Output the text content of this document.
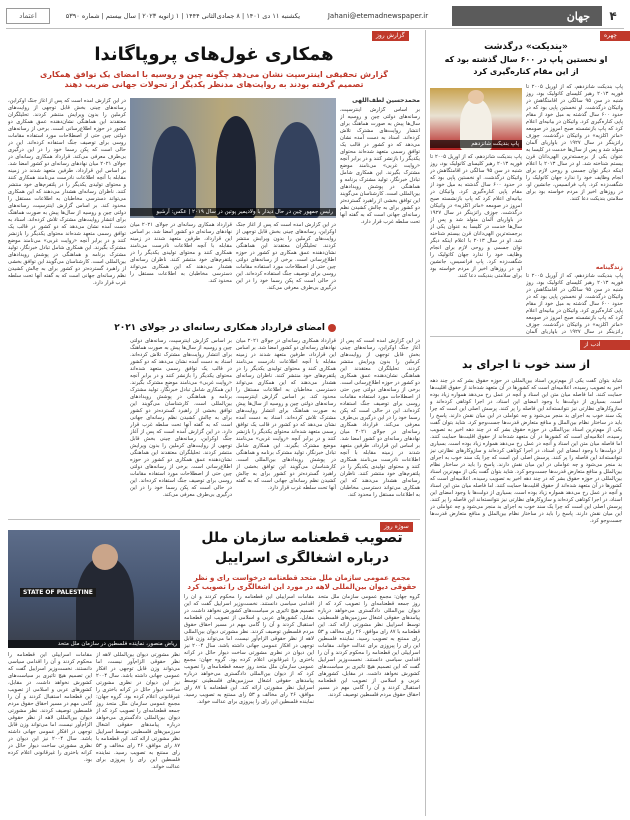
اعتماد	یکشنبه ۱۱ دی ۱۴۰۱ | ۸ جمادی‌الثانی ۱۴۴۴ | ۱ ژانویه ۲۰۲۳ | سال بیستم | شماره ۵۳۹۰	Jahani@etemadnewspaper.ir	جهان	۴
چهره روز
«بِندیکت» درگذشت
او نخستین پاپ در ۶۰۰ سال گذشته بود که
از این مقام کناره‌گیری کرد
پاپ بندیکت شانزدهم، که از آوریل ۲۰۰۵ تا فوریه ۲۰۱۳ رهبر کلیسای کاتولیک بود، روز شنبه در سن ۹۵ سالگی در اقامتگاهش در واتیکان درگذشت. او نخستین پاپی بود که در حدود ۶۰۰ سال گذشته به میل خود از مقام پاپی کناره‌گیری کرد. واتیکان در بیانیه‌ای اعلام کرد که پاپ بازنشسته صبح امروز در صومعه «ماتر اکلزیه» در واتیکان درگذشت. جوزف راتزینگر در سال ۱۹۲۷ در باواریای آلمان متولد شد و پس از سال‌ها خدمت در کلیسا به عنوان یکی از برجسته‌ترین الهی‌دانان قرن بیستم شناخته شد. او در سال ۲۰۱۳ با اعلام اینکه دیگر توان جسمی و روحی لازم برای انجام وظایف خود را ندارد جهان کاتولیک را شگفت‌زده کرد. پاپ فرانسیس، جانشین او، در روزهای اخیر از مردم خواسته بود برای سلامتی بندیکت دعا کنند.
پاپ بندیکت شانزدهم
پاپ بندیکت شانزدهم، که از آوریل ۲۰۰۵ تا فوریه ۲۰۱۳ رهبر کلیسای کاتولیک بود، روز شنبه در سن ۹۵ سالگی در اقامتگاهش در واتیکان درگذشت. او نخستین پاپی بود که در حدود ۶۰۰ سال گذشته به میل خود از مقام پاپی کناره‌گیری کرد. واتیکان در بیانیه‌ای اعلام کرد که پاپ بازنشسته صبح امروز در صومعه «ماتر اکلزیه» در واتیکان درگذشت. جوزف راتزینگر در سال ۱۹۲۷ در باواریای آلمان متولد شد و پس از سال‌ها خدمت در کلیسا به عنوان یکی از برجسته‌ترین الهی‌دانان قرن بیستم شناخته شد. او در سال ۲۰۱۳ با اعلام اینکه دیگر توان جسمی و روحی لازم برای انجام وظایف خود را ندارد جهان کاتولیک را شگفت‌زده کرد. پاپ فرانسیس، جانشین او، در روزهای اخیر از مردم خواسته بود برای سلامتی بندیکت دعا کنند.
زندگینامه
پاپ بندیکت شانزدهم، که از آوریل ۲۰۰۵ تا فوریه ۲۰۱۳ رهبر کلیسای کاتولیک بود، روز شنبه در سن ۹۵ سالگی در اقامتگاهش در واتیکان درگذشت. او نخستین پاپی بود که در حدود ۶۰۰ سال گذشته به میل خود از مقام پاپی کناره‌گیری کرد. واتیکان در بیانیه‌ای اعلام کرد که پاپ بازنشسته صبح امروز در صومعه «ماتر اکلزیه» در واتیکان درگذشت. جوزف راتزینگر در سال ۱۹۲۷ در باواریای آلمان
ادب از مسلمانان
از سند خوب تا اجرای بد
شاید بتوان گفت یکی از مهم‌ترین اسناد بین‌المللی در حوزه حقوق بشر که در چند دهه اخیر به تصویب رسیده، اعلامیه‌ای است که کشورها در آن متعهد شده‌اند از حقوق اقلیت‌ها حمایت کنند. اما فاصله میان متن این اسناد و آنچه در عمل رخ می‌دهد همواره زیاد بوده است. بسیاری از دولت‌ها با وجود امضای این اسناد، در اجرا کوتاهی کرده‌اند و سازوکارهای نظارتی نیز نتوانسته‌اند این فاصله را پر کنند. پرسش اصلی این است که چرا یک سند خوب به اجرای بد منجر می‌شود و چه عواملی در این میان نقش دارند. پاسخ را باید در ساختار نظام بین‌الملل و منافع متعارض قدرت‌ها جست‌وجو کرد. شاید بتوان گفت یکی از مهم‌ترین اسناد بین‌المللی در حوزه حقوق بشر که در چند دهه اخیر به تصویب رسیده، اعلامیه‌ای است که کشورها در آن متعهد شده‌اند از حقوق اقلیت‌ها حمایت کنند. اما فاصله میان متن این اسناد و آنچه در عمل رخ می‌دهد همواره زیاد بوده است. بسیاری از دولت‌ها با وجود امضای این اسناد، در اجرا کوتاهی کرده‌اند و سازوکارهای نظارتی نیز نتوانسته‌اند این فاصله را پر کنند. پرسش اصلی این است که چرا یک سند خوب به اجرای بد منجر می‌شود و چه عواملی در این میان نقش دارند. پاسخ را باید در ساختار نظام بین‌الملل و منافع متعارض قدرت‌ها جست‌وجو کرد. شاید بتوان گفت یکی از مهم‌ترین اسناد بین‌المللی در حوزه حقوق بشر که در چند دهه اخیر به تصویب رسیده، اعلامیه‌ای است که کشورها در آن متعهد شده‌اند از حقوق اقلیت‌ها حمایت کنند. اما فاصله میان متن این اسناد و آنچه در عمل رخ می‌دهد همواره زیاد بوده است. بسیاری از دولت‌ها با وجود امضای این اسناد، در اجرا کوتاهی کرده‌اند و سازوکارهای نظارتی نیز نتوانسته‌اند این فاصله را پر کنند. پرسش اصلی این است که چرا یک سند خوب به اجرای بد منجر می‌شود و چه عواملی در این میان نقش دارند. پاسخ را باید در ساختار نظام بین‌الملل و منافع متعارض قدرت‌ها جست‌وجو کرد.
گزارش روز
همکاری غول‌های پروپاگاندا
گزارش تحقیقی اینترسپت نشان می‌دهد چگونه چین و روسیه با امضای یک توافق همکاری
تصمیم گرفته بودند به روایت‌های مدنظر یکدیگر از تحولات جهانی ضریب دهند
محمدحسین لطف‌اللهی
بر اساس گزارش اینترسپت، رسانه‌های دولتی چین و روسیه از سال‌ها پیش به صورت هماهنگ برای انتشار روایت‌های مشترک تلاش کرده‌اند. اسناد به دست آمده نشان می‌دهد که دو کشور در قالب یک توافق رسمی متعهد شده‌اند محتوای یکدیگر را بازنشر کنند و در برابر آنچه «روایت غربی» می‌نامند موضع مشترک بگیرند. این همکاری شامل تبادل خبرنگار، تولید مشترک برنامه و هماهنگی در پوشش رویدادهای بین‌المللی است. کارشناسان می‌گویند این توافق بخشی از راهبرد گسترده‌تر دو کشور برای به چالش کشیدن نظم رسانه‌ای جهانی است که به گفته آنها تحت سلطه غرب قرار دارد.
رئیس جمهور چین در حال دیدار با ولادیمیر پوتین در سال ۲۰۱۹ | عکس: آرشیو
در این گزارش آمده است که پس از آغاز جنگ اوکراین، رسانه‌های چینی بخش قابل توجهی از روایت‌های کرملین را بدون ویرایش منتشر کردند. تحلیلگران معتقدند این هماهنگی نشان‌دهنده عمق همکاری دو کشور در حوزه اطلاع‌رسانی است. برخی از رسانه‌های دولتی چین حتی از اصطلاحات مورد استفاده مقامات روسی برای توصیف جنگ استفاده کرده‌اند. این در حالی است که پکن رسما خود را در این درگیری بی‌طرف معرفی می‌کند. قرارداد همکاری رسانه‌ای در جولای ۲۰۲۱ میان نهادهای رسانه‌ای دو کشور امضا شد. بر اساس این قرارداد، طرفین متعهد شدند در زمینه مقابله با آنچه اطلاعات نادرست می‌نامند همکاری کنند و محتوای تولیدی یکدیگر را در پلتفرم‌های خود منتشر کنند. ناظران رسانه‌ای هشدار می‌دهند که این همکاری می‌تواند دسترسی مخاطبان به اطلاعات مستقل را محدود کند. بر اساس گزارش اینترسپت، رسانه‌های دولتی چین و روسیه از سال‌ها پیش به صورت هماهنگ برای انتشار روایت‌های مشترک تلاش کرده‌اند. اسناد به دست آمده نشان می‌دهد که دو کشور در قالب یک توافق رسمی متعهد شده‌اند محتوای یکدیگر را بازنشر کنند و در برابر آنچه «روایت غربی» می‌نامند موضع مشترک بگیرند. این همکاری شامل تبادل خبرنگار، تولید مشترک برنامه و هماهنگی در پوشش رویدادهای بین‌المللی است. کارشناسان می‌گویند این توافق بخشی از راهبرد گسترده‌تر دو کشور برای به چالش کشیدن نظم رسانه‌ای جهانی است که به گفته آنها تحت سلطه غرب قرار دارد.
در این گزارش آمده است که پس از آغاز جنگ اوکراین، رسانه‌های چینی بخش قابل توجهی از روایت‌های کرملین را بدون ویرایش منتشر کردند. تحلیلگران معتقدند این هماهنگی نشان‌دهنده عمق همکاری دو کشور در حوزه اطلاع‌رسانی است. برخی از رسانه‌های دولتی چین حتی از اصطلاحات مورد استفاده مقامات روسی برای توصیف جنگ استفاده کرده‌اند. این در حالی است که پکن رسما خود را در این درگیری بی‌طرف معرفی می‌کند.
قرارداد همکاری رسانه‌ای در جولای ۲۰۲۱ میان نهادهای رسانه‌ای دو کشور امضا شد. بر اساس این قرارداد، طرفین متعهد شدند در زمینه مقابله با آنچه اطلاعات نادرست می‌نامند همکاری کنند و محتوای تولیدی یکدیگر را در پلتفرم‌های خود منتشر کنند. ناظران رسانه‌ای هشدار می‌دهند که این همکاری می‌تواند دسترسی مخاطبان به اطلاعات مستقل را محدود کند.
امضای قرارداد همکاری رسانه‌ای در جولای ۲۰۲۱
قرارداد همکاری رسانه‌ای در جولای ۲۰۲۱ میان نهادهای رسانه‌ای دو کشور امضا شد. بر اساس این قرارداد، طرفین متعهد شدند در زمینه مقابله با آنچه اطلاعات نادرست می‌نامند همکاری کنند و محتوای تولیدی یکدیگر را در پلتفرم‌های خود منتشر کنند. ناظران رسانه‌ای هشدار می‌دهند که این همکاری می‌تواند دسترسی مخاطبان به اطلاعات مستقل را محدود کند. بر اساس گزارش اینترسپت، رسانه‌های دولتی چین و روسیه از سال‌ها پیش به صورت هماهنگ برای انتشار روایت‌های مشترک تلاش کرده‌اند. اسناد به دست آمده نشان می‌دهد که دو کشور در قالب یک توافق رسمی متعهد شده‌اند محتوای یکدیگر را بازنشر کنند و در برابر آنچه «روایت غربی» می‌نامند موضع مشترک بگیرند. این همکاری شامل تبادل خبرنگار، تولید مشترک برنامه و هماهنگی در پوشش رویدادهای بین‌المللی است. کارشناسان می‌گویند این توافق بخشی از راهبرد گسترده‌تر دو کشور برای به چالش کشیدن نظم رسانه‌ای جهانی است که به گفته آنها تحت سلطه غرب قرار دارد.
بر اساس گزارش اینترسپت، رسانه‌های دولتی چین و روسیه از سال‌ها پیش به صورت هماهنگ برای انتشار روایت‌های مشترک تلاش کرده‌اند. اسناد به دست آمده نشان می‌دهد که دو کشور در قالب یک توافق رسمی متعهد شده‌اند محتوای یکدیگر را بازنشر کنند و در برابر آنچه «روایت غربی» می‌نامند موضع مشترک بگیرند. این همکاری شامل تبادل خبرنگار، تولید مشترک برنامه و هماهنگی در پوشش رویدادهای بین‌المللی است. کارشناسان می‌گویند این توافق بخشی از راهبرد گسترده‌تر دو کشور برای به چالش کشیدن نظم رسانه‌ای جهانی است که به گفته آنها تحت سلطه غرب قرار دارد. در این گزارش آمده است که پس از آغاز جنگ اوکراین، رسانه‌های چینی بخش قابل توجهی از روایت‌های کرملین را بدون ویرایش منتشر کردند. تحلیلگران معتقدند این هماهنگی نشان‌دهنده عمق همکاری دو کشور در حوزه اطلاع‌رسانی است. برخی از رسانه‌های دولتی چین حتی از اصطلاحات مورد استفاده مقامات روسی برای توصیف جنگ استفاده کرده‌اند. این در حالی است که پکن رسما خود را در این درگیری بی‌طرف معرفی می‌کند.
در این گزارش آمده است که پس از آغاز جنگ اوکراین، رسانه‌های چینی بخش قابل توجهی از روایت‌های کرملین را بدون ویرایش منتشر کردند. تحلیلگران معتقدند این هماهنگی نشان‌دهنده عمق همکاری دو کشور در حوزه اطلاع‌رسانی است. برخی از رسانه‌های دولتی چین حتی از اصطلاحات مورد استفاده مقامات روسی برای توصیف جنگ استفاده کرده‌اند. این در حالی است که پکن رسما خود را در این درگیری بی‌طرف معرفی می‌کند. قرارداد همکاری رسانه‌ای در جولای ۲۰۲۱ میان نهادهای رسانه‌ای دو کشور امضا شد. بر اساس این قرارداد، طرفین متعهد شدند در زمینه مقابله با آنچه اطلاعات نادرست می‌نامند همکاری کنند و محتوای تولیدی یکدیگر را در پلتفرم‌های خود منتشر کنند. ناظران رسانه‌ای هشدار می‌دهند که این همکاری می‌تواند دسترسی مخاطبان به اطلاعات مستقل را محدود کند.
سوژه روز
STATE OF PALESTINE
ریاض منصور، نماینده فلسطین در سازمان ملل متحد
تصویب قطعنامه سازمان ملل
درباره اشغالگری اسراییل
مجمع عمومی سازمان ملل متحد قطعنامه درخواست رای و نظر
حقوقی دیوان بین‌المللی لاهه در مورد این اشغالگری را تصویب کرد
گروه جهان: مجمع عمومی سازمان ملل متحد روز جمعه قطعنامه‌ای را تصویب کرد که از دیوان بین‌المللی دادگستری می‌خواهد درباره پیامدهای حقوقی اشغال سرزمین‌های فلسطینی توسط اسراییل نظر مشورتی ارائه کند. این قطعنامه با ۸۷ رای موافق، ۲۶ رای مخالف و ۵۳ رای ممتنع به تصویب رسید. نماینده فلسطین این رای را پیروزی برای عدالت خواند. مقامات اسراییلی این قطعنامه را محکوم کردند و آن را اقدامی سیاسی دانستند. نخست‌وزیر اسراییل گفت که این تصمیم هیچ تاثیری بر سیاست‌های کشورش نخواهد داشت. در مقابل، کشورهای عربی و اسلامی از تصویب این قطعنامه استقبال کردند و آن را گامی مهم در مسیر احقاق حقوق مردم فلسطین توصیف کردند.
مقامات اسراییلی این قطعنامه را محکوم کردند و آن را اقدامی سیاسی دانستند. نخست‌وزیر اسراییل گفت که این تصمیم هیچ تاثیری بر سیاست‌های کشورش نخواهد داشت. در مقابل، کشورهای عربی و اسلامی از تصویب این قطعنامه استقبال کردند و آن را گامی مهم در مسیر احقاق حقوق مردم فلسطین توصیف کردند. نظر مشورتی دیوان بین‌المللی لاهه از نظر حقوقی الزام‌آور نیست، اما می‌تواند وزن قابل توجهی در افکار عمومی جهانی داشته باشد. سال ۲۰۰۴ نیز این دیوان در نظری مشورتی ساخت دیوار حائل در کرانه باختری را غیرقانونی اعلام کرده بود. گروه جهان: مجمع عمومی سازمان ملل متحد روز جمعه قطعنامه‌ای را تصویب کرد که از دیوان بین‌المللی دادگستری می‌خواهد درباره پیامدهای حقوقی اشغال سرزمین‌های فلسطینی توسط اسراییل نظر مشورتی ارائه کند. این قطعنامه با ۸۷ رای موافق، ۲۶ رای مخالف و ۵۳ رای ممتنع به تصویب رسید. نماینده فلسطین این رای را پیروزی برای عدالت خواند.
نظر مشورتی دیوان بین‌المللی لاهه از نظر حقوقی الزام‌آور نیست، اما می‌تواند وزن قابل توجهی در افکار عمومی جهانی داشته باشد. سال ۲۰۰۴ نیز این دیوان در نظری مشورتی ساخت دیوار حائل در کرانه باختری را غیرقانونی اعلام کرده بود. گروه جهان: مجمع عمومی سازمان ملل متحد روز جمعه قطعنامه‌ای را تصویب کرد که از دیوان بین‌المللی دادگستری می‌خواهد درباره پیامدهای حقوقی اشغال سرزمین‌های فلسطینی توسط اسراییل نظر مشورتی ارائه کند. این قطعنامه با ۸۷ رای موافق، ۲۶ رای مخالف و ۵۳ رای ممتنع به تصویب رسید. نماینده فلسطین این رای را پیروزی برای عدالت خواند.
مقامات اسراییلی این قطعنامه را محکوم کردند و آن را اقدامی سیاسی دانستند. نخست‌وزیر اسراییل گفت که این تصمیم هیچ تاثیری بر سیاست‌های کشورش نخواهد داشت. در مقابل، کشورهای عربی و اسلامی از تصویب این قطعنامه استقبال کردند و آن را گامی مهم در مسیر احقاق حقوق مردم فلسطین توصیف کردند. نظر مشورتی دیوان بین‌المللی لاهه از نظر حقوقی الزام‌آور نیست، اما می‌تواند وزن قابل توجهی در افکار عمومی جهانی داشته باشد. سال ۲۰۰۴ نیز این دیوان در نظری مشورتی ساخت دیوار حائل در کرانه باختری را غیرقانونی اعلام کرده بود.
